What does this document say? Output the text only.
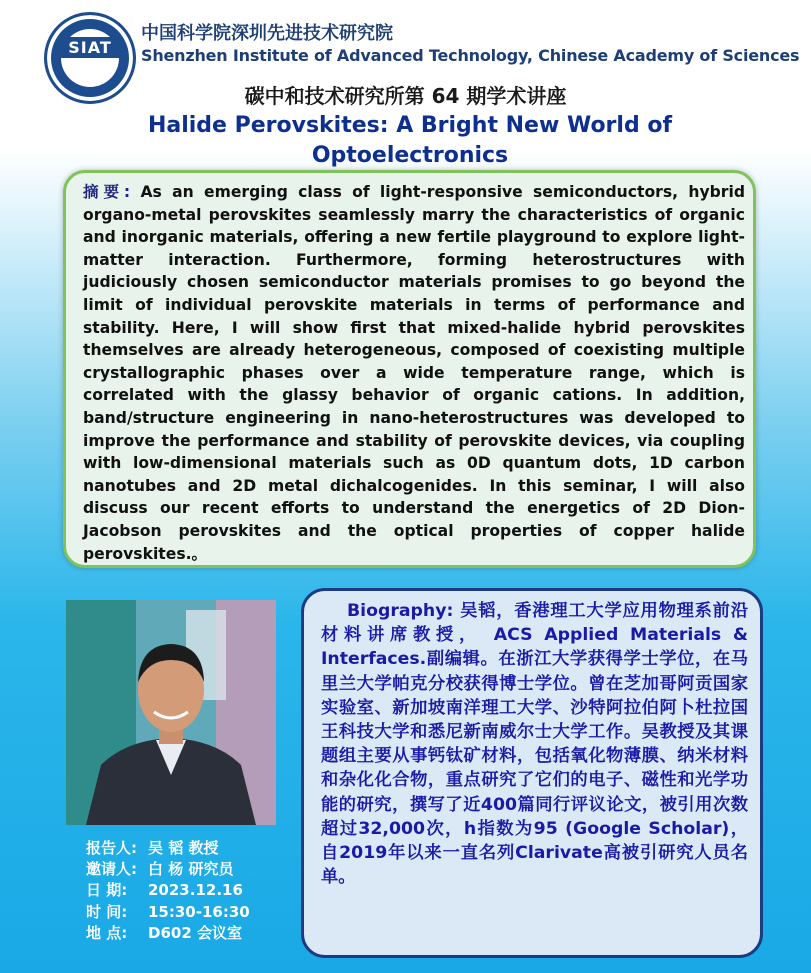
SIAT
中国科学院深圳先进技术研究院
Shenzhen Institute of Advanced Technology, Chinese Academy of Sciences
碳中和技术研究所第 64 期学术讲座
Halide Perovskites: A Bright New World of Optoelectronics
摘要: As an emerging class of light-responsive semiconductors, hybrid organo-metal perovskites seamlessly marry the characteristics of organic and inorganic materials, offering a new fertile playground to explore light-matter interaction. Furthermore, forming heterostructures with judiciously chosen semiconductor materials promises to go beyond the limit of individual perovskite materials in terms of performance and stability. Here, I will show first that mixed-halide hybrid perovskites themselves are already heterogeneous, composed of coexisting multiple crystallographic phases over a wide temperature range, which is correlated with the glassy behavior of organic cations. In addition, band/structure engineering in nano-heterostructures was developed to improve the performance and stability of perovskite devices, via coupling with low-dimensional materials such as 0D quantum dots, 1D carbon nanotubes and 2D metal dichalcogenides. In this seminar, I will also discuss our recent efforts to understand the energetics of 2D Dion-Jacobson perovskites and the optical properties of copper halide perovskites.。
报告人: 吴 韬 教授
邀请人: 白 杨 研究员
日 期: 2023.12.16
时 间: 15:30-16:30
地 点: D602 会议室
Biography: 吴韬，香港理工大学应用物理系前沿材料讲席教授， ACS Applied Materials & Interfaces.副编辑。在浙江大学获得学士学位，在马里兰大学帕克分校获得博士学位。曾在芝加哥阿贡国家实验室、新加坡南洋理工大学、沙特阿拉伯阿卜杜拉国王科技大学和悉尼新南威尔士大学工作。吴教授及其课题组主要从事钙钛矿材料，包括氧化物薄膜、纳米材料和杂化化合物，重点研究了它们的电子、磁性和光学功能的研究，撰写了近400篇同行评议论文，被引用次数超过32,000次，h指数为95 (Google Scholar)，自2019年以来一直名列Clarivate高被引研究人员名单。
